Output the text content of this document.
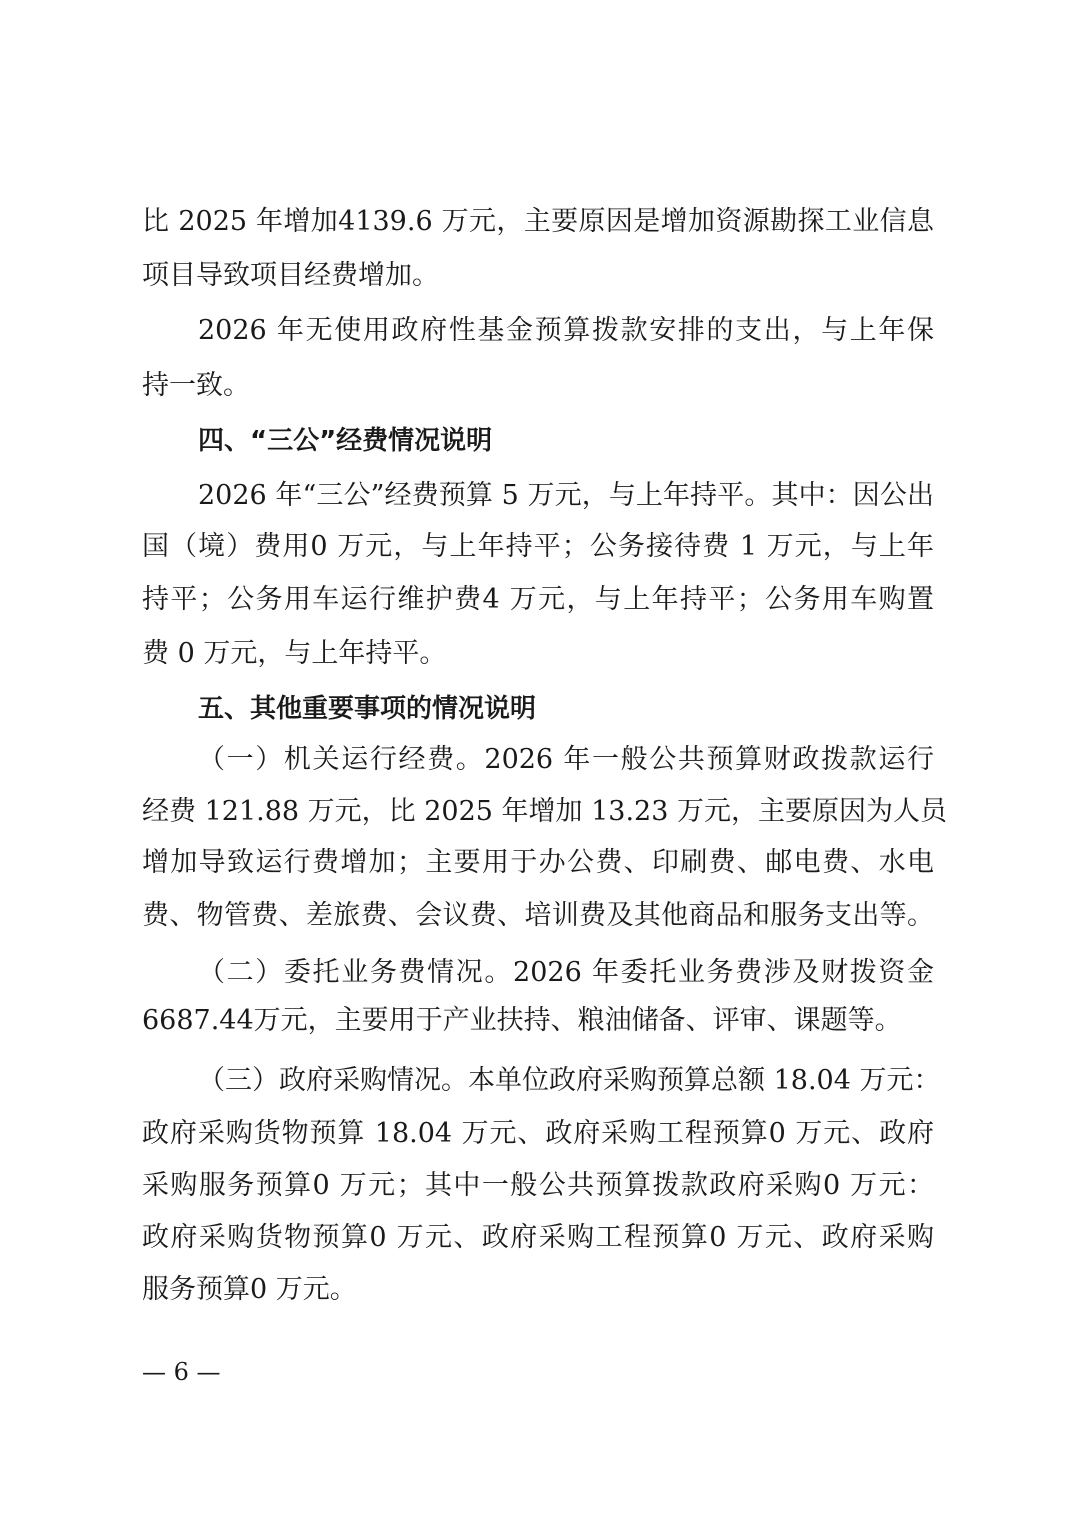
比 2025 年增加4139.6 万元，主要原因是增加资源勘探工业信息
项目导致项目经费增加。
2026 年无使用政府性基金预算拨款安排的支出，与上年保
持一致。
四、“三公”经费情况说明
2026 年“三公”经费预算 5 万元，与上年持平。其中：因公出
国（境）费用0 万元，与上年持平；公务接待费 1 万元，与上年
持平；公务用车运行维护费4 万元，与上年持平；公务用车购置
费 0 万元，与上年持平。
五、其他重要事项的情况说明
（一）机关运行经费。2026 年一般公共预算财政拨款运行
经费 121.88 万元，比 2025 年增加 13.23 万元，主要原因为人员
增加导致运行费增加；主要用于办公费、印刷费、邮电费、水电
费、物管费、差旅费、会议费、培训费及其他商品和服务支出等。
（二）委托业务费情况。2026 年委托业务费涉及财拨资金
6687.44万元，主要用于产业扶持、粮油储备、评审、课题等。
（三）政府采购情况。本单位政府采购预算总额 18.04 万元：
政府采购货物预算 18.04 万元、政府采购工程预算0 万元、政府
采购服务预算0 万元；其中一般公共预算拨款政府采购0 万元：
政府采购货物预算0 万元、政府采购工程预算0 万元、政府采购
服务预算0 万元。
— 6 —
